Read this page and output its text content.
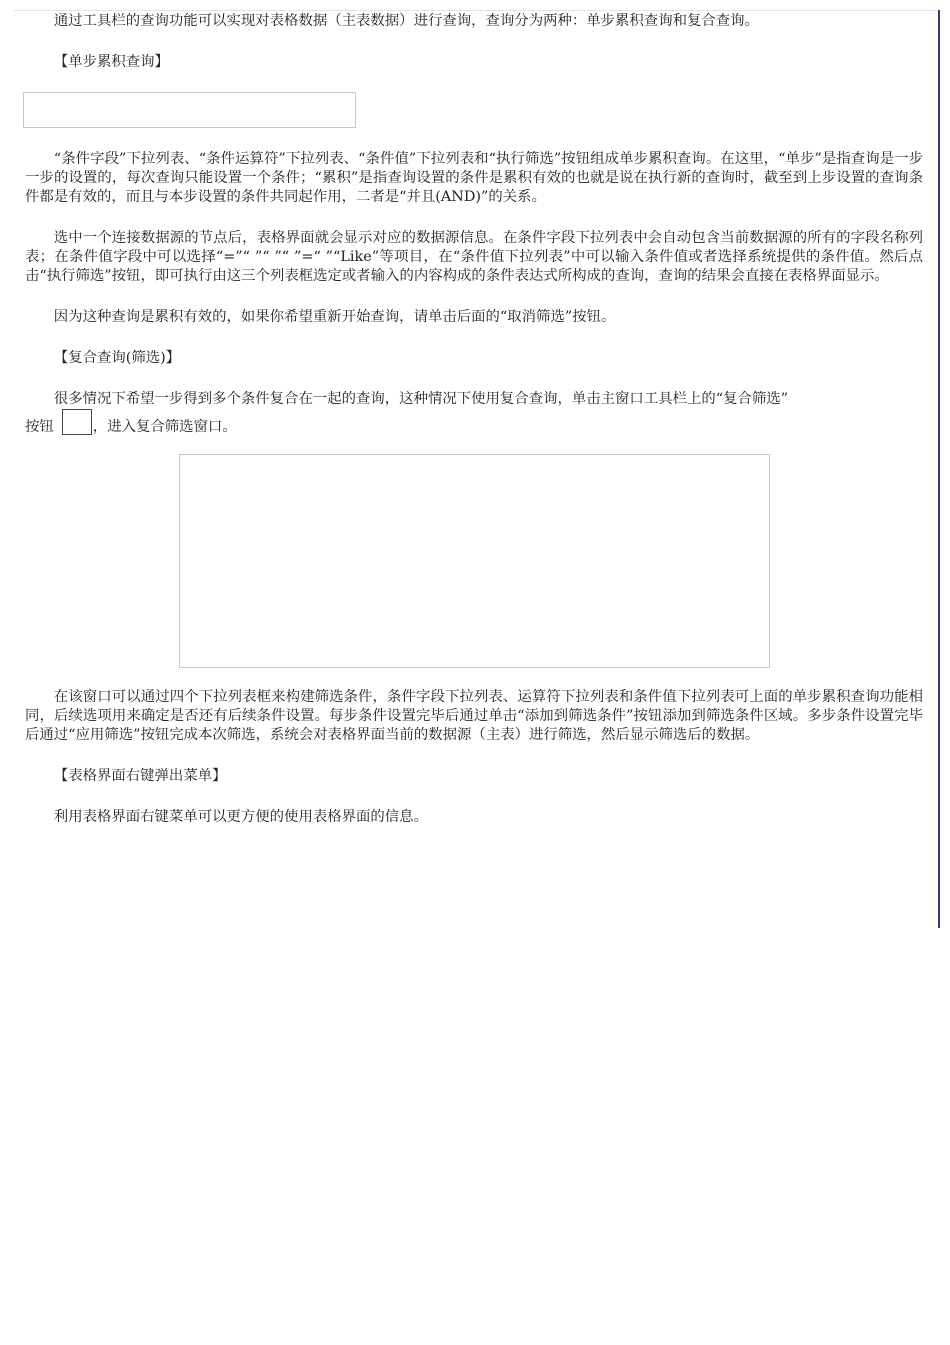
通过工具栏的查询功能可以实现对表格数据（主表数据）进行查询，查询分为两种：单步累积查询和复合查询。

【单步累积查询】

“条件字段”下拉列表、“条件运算符”下拉列表、“条件值”下拉列表和“执行筛选”按钮组成单步累积查询。在这里，“单步”是指查询是一步一步的设置的，每次查询只能设置一个条件；“累积”是指查询设置的条件是累积有效的也就是说在执行新的查询时，截至到上步设置的查询条件都是有效的，而且与本步设置的条件共同起作用，二者是“并且(AND)”的关系。

选中一个连接数据源的节点后，表格界面就会显示对应的数据源信息。在条件字段下拉列表中会自动包含当前数据源的所有的字段名称列表；在条件值字段中可以选择“=”“ ”“ ”“ ”=“ ”“Like”等项目，在“条件值下拉列表”中可以输入条件值或者选择系统提供的条件值。然后点击“执行筛选”按钮，即可执行由这三个列表框选定或者输入的内容构成的条件表达式所构成的查询，查询的结果会直接在表格界面显示。

因为这种查询是累积有效的，如果你希望重新开始查询，请单击后面的“取消筛选”按钮。

【复合查询(筛选)】

很多情况下希望一步得到多个条件复合在一起的查询，这种情况下使用复合查询，单击主窗口工具栏上的“复合筛选”
按钮	，进入复合筛选窗口。

在该窗口可以通过四个下拉列表框来构建筛选条件，条件字段下拉列表、运算符下拉列表和条件值下拉列表可上面的单步累积查询功能相同，后续选项用来确定是否还有后续条件设置。每步条件设置完毕后通过单击“添加到筛选条件”按钮添加到筛选条件区域。多步条件设置完毕后通过“应用筛选”按钮完成本次筛选，系统会对表格界面当前的数据源（主表）进行筛选，然后显示筛选后的数据。

【表格界面右键弹出菜单】

利用表格界面右键菜单可以更方便的使用表格界面的信息。
